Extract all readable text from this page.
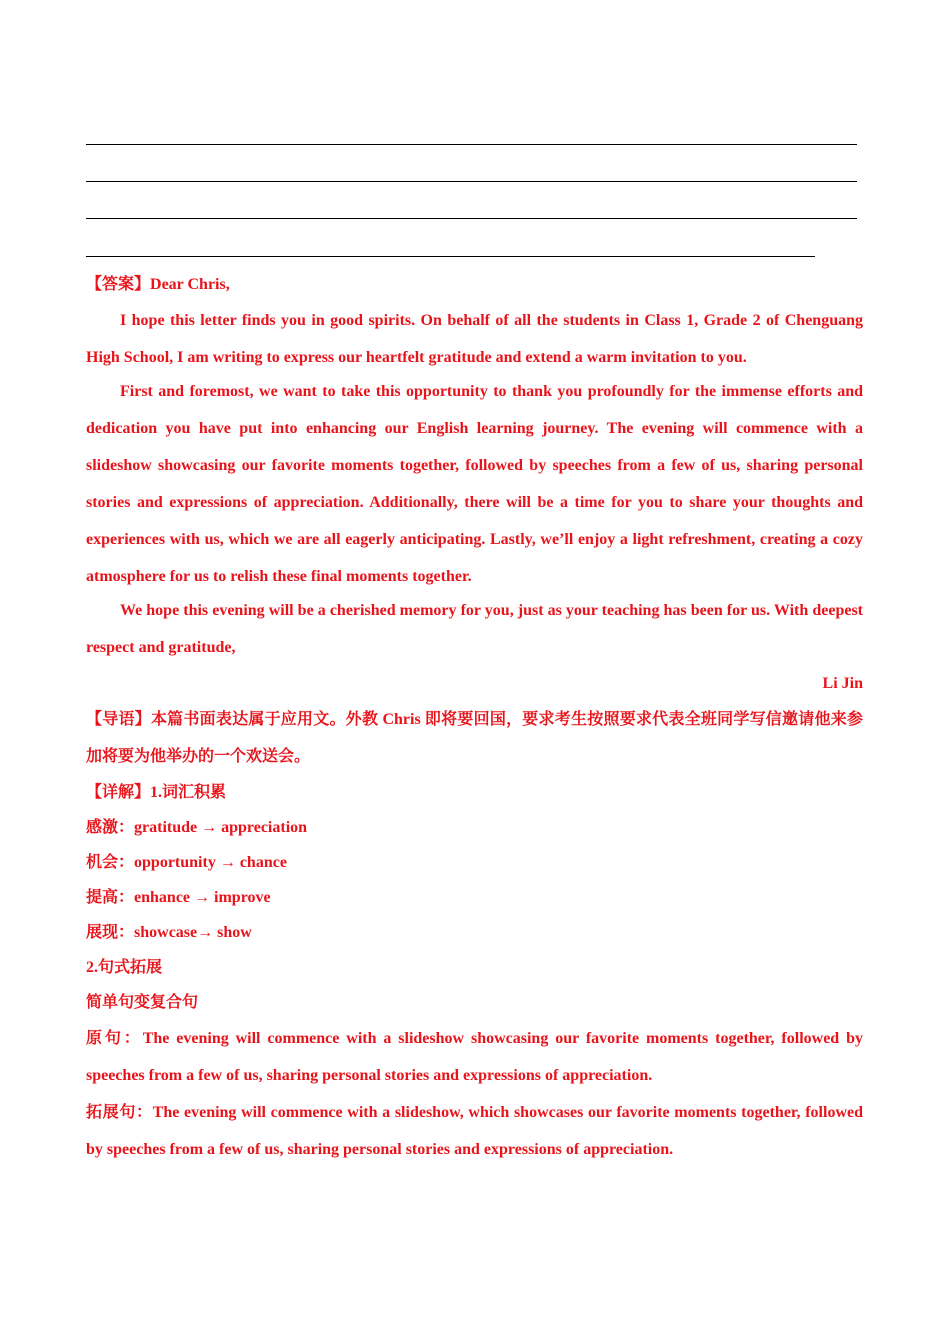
【答案】Dear Chris,

I hope this letter finds you in good spirits. On behalf of all the students in Class 1, Grade 2 of Chenguang High School, I am writing to express our heartfelt gratitude and extend a warm invitation to you.

First and foremost, we want to take this opportunity to thank you profoundly for the immense efforts and dedication you have put into enhancing our English learning journey. The evening will commence with a slideshow showcasing our favorite moments together, followed by speeches from a few of us, sharing personal stories and expressions of appreciation. Additionally, there will be a time for you to share your thoughts and experiences with us, which we are all eagerly anticipating. Lastly, we’ll enjoy a light refreshment, creating a cozy atmosphere for us to relish these final moments together.

We hope this evening will be a cherished memory for you, just as your teaching has been for us. With deepest respect and gratitude,

Li Jin

【导语】本篇书面表达属于应用文。外教 Chris 即将要回国，要求考生按照要求代表全班同学写信邀请他来参加将要为他举办的一个欢送会。

【详解】1.词汇积累

感激：gratitude → appreciation

机会：opportunity → chance

提高：enhance → improve

展现：showcase→ show

2.句式拓展

简单句变复合句

原句：The evening will commence with a slideshow showcasing our favorite moments together, followed by speeches from a few of us, sharing personal stories and expressions of appreciation.

拓展句：The evening will commence with a slideshow, which showcases our favorite moments together, followed by speeches from a few of us, sharing personal stories and expressions of appreciation.
